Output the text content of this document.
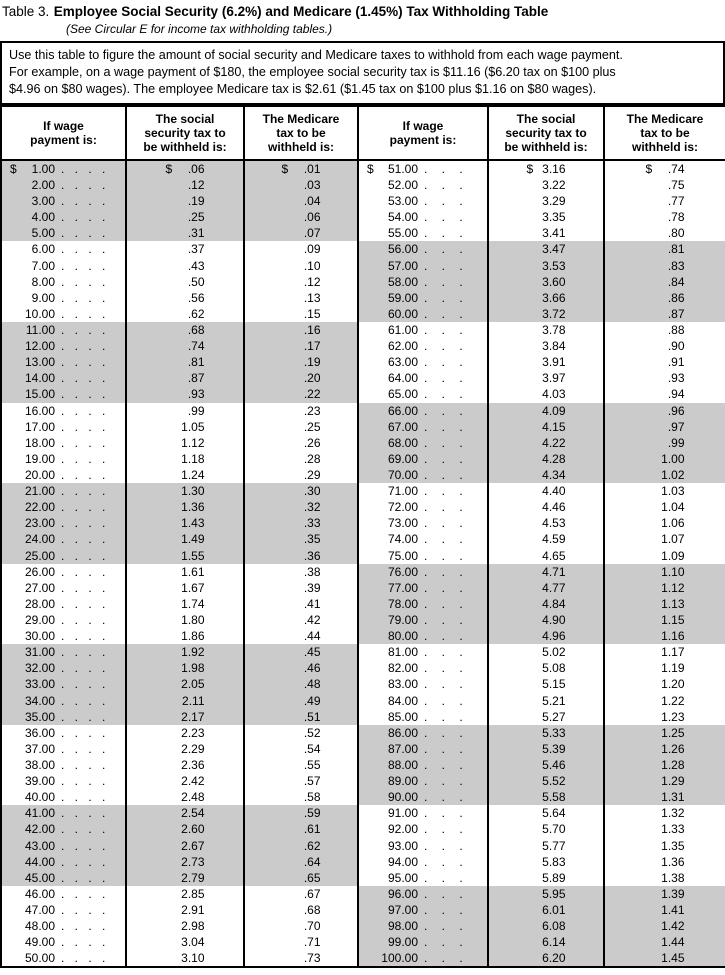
Table 3. Employee Social Security (6.2%) and Medicare (1.45%) Tax Withholding Table
(See Circular E for income tax withholding tables.)
Use this table to figure the amount of social security and Medicare taxes to withhold from each wage payment.
For example, on a wage payment of $180, the employee social security tax is $11.16 ($6.20 tax on $100 plus
$4.96 on $80 wages). The employee Medicare tax is $2.61 ($1.45 tax on $100 plus $1.16 on $80 wages).
If wage
payment is:

The social
security tax to
be withheld is:

The Medicare
tax to be
withheld is:

If wage
payment is:

The social
security tax to
be withheld is:

The Medicare
tax to be
withheld is:

$ 1.00 . . . .	$ .06	$ .01	$ 51.00 . . .	$ 3.16	$ .74
2.00 . . . .	.12	.03	52.00 . . .	3.22	.75
3.00 . . . .	.19	.04	53.00 . . .	3.29	.77
4.00 . . . .	.25	.06	54.00 . . .	3.35	.78
5.00 . . . .	.31	.07	55.00 . . .	3.41	.80
6.00 . . . .	.37	.09	56.00 . . .	3.47	.81
7.00 . . . .	.43	.10	57.00 . . .	3.53	.83
8.00 . . . .	.50	.12	58.00 . . .	3.60	.84
9.00 . . . .	.56	.13	59.00 . . .	3.66	.86
10.00 . . . .	.62	.15	60.00 . . .	3.72	.87
11.00 . . . .	.68	.16	61.00 . . .	3.78	.88
12.00 . . . .	.74	.17	62.00 . . .	3.84	.90
13.00 . . . .	.81	.19	63.00 . . .	3.91	.91
14.00 . . . .	.87	.20	64.00 . . .	3.97	.93
15.00 . . . .	.93	.22	65.00 . . .	4.03	.94
16.00 . . . .	.99	.23	66.00 . . .	4.09	.96
17.00 . . . .	1.05	.25	67.00 . . .	4.15	.97
18.00 . . . .	1.12	.26	68.00 . . .	4.22	.99
19.00 . . . .	1.18	.28	69.00 . . .	4.28	1.00
20.00 . . . .	1.24	.29	70.00 . . .	4.34	1.02
21.00 . . . .	1.30	.30	71.00 . . .	4.40	1.03
22.00 . . . .	1.36	.32	72.00 . . .	4.46	1.04
23.00 . . . .	1.43	.33	73.00 . . .	4.53	1.06
24.00 . . . .	1.49	.35	74.00 . . .	4.59	1.07
25.00 . . . .	1.55	.36	75.00 . . .	4.65	1.09
26.00 . . . .	1.61	.38	76.00 . . .	4.71	1.10
27.00 . . . .	1.67	.39	77.00 . . .	4.77	1.12
28.00 . . . .	1.74	.41	78.00 . . .	4.84	1.13
29.00 . . . .	1.80	.42	79.00 . . .	4.90	1.15
30.00 . . . .	1.86	.44	80.00 . . .	4.96	1.16
31.00 . . . .	1.92	.45	81.00 . . .	5.02	1.17
32.00 . . . .	1.98	.46	82.00 . . .	5.08	1.19
33.00 . . . .	2.05	.48	83.00 . . .	5.15	1.20
34.00 . . . .	2.11	.49	84.00 . . .	5.21	1.22
35.00 . . . .	2.17	.51	85.00 . . .	5.27	1.23
36.00 . . . .	2.23	.52	86.00 . . .	5.33	1.25
37.00 . . . .	2.29	.54	87.00 . . .	5.39	1.26
38.00 . . . .	2.36	.55	88.00 . . .	5.46	1.28
39.00 . . . .	2.42	.57	89.00 . . .	5.52	1.29
40.00 . . . .	2.48	.58	90.00 . . .	5.58	1.31
41.00 . . . .	2.54	.59	91.00 . . .	5.64	1.32
42.00 . . . .	2.60	.61	92.00 . . .	5.70	1.33
43.00 . . . .	2.67	.62	93.00 . . .	5.77	1.35
44.00 . . . .	2.73	.64	94.00 . . .	5.83	1.36
45.00 . . . .	2.79	.65	95.00 . . .	5.89	1.38
46.00 . . . .	2.85	.67	96.00 . . .	5.95	1.39
47.00 . . . .	2.91	.68	97.00 . . .	6.01	1.41
48.00 . . . .	2.98	.70	98.00 . . .	6.08	1.42
49.00 . . . .	3.04	.71	99.00 . . .	6.14	1.44
50.00 . . . .	3.10	.73	100.00 . . .	6.20	1.45
